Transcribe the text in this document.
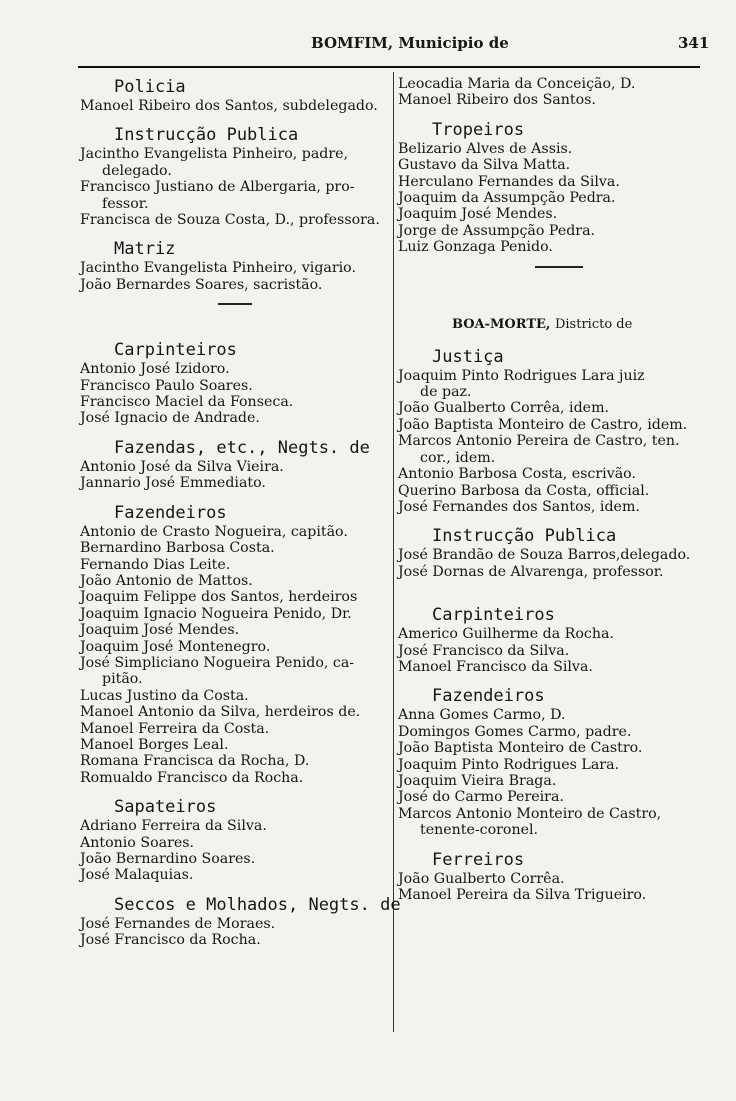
BOMFIM, Municipio de	341
Policia
Manoel Ribeiro dos Santos, subdelegado.
Instrucção Publica
Jacintho Evangelista Pinheiro, padre,
delegado.
Francisco Justiano de Albergaria, pro-
fessor.
Francisca de Souza Costa, D., professora.
Matriz
Jacintho Evangelista Pinheiro, vigario.
João Bernardes Soares, sacristão.
Carpinteiros
Antonio José Izidoro.
Francisco Paulo Soares.
Francisco Maciel da Fonseca.
José Ignacio de Andrade.
Fazendas, etc., Negts. de
Antonio José da Silva Vieira.
Jannario José Emmediato.
Fazendeiros
Antonio de Crasto Nogueira, capitão.
Bernardino Barbosa Costa.
Fernando Dias Leite.
João Antonio de Mattos.
Joaquim Felippe dos Santos, herdeiros
Joaquim Ignacio Nogueira Penido, Dr.
Joaquim José Mendes.
Joaquim José Montenegro.
José Simpliciano Nogueira Penido, ca-
pitão.
Lucas Justino da Costa.
Manoel Antonio da Silva, herdeiros de.
Manoel Ferreira da Costa.
Manoel Borges Leal.
Romana Francisca da Rocha, D.
Romualdo Francisco da Rocha.
Sapateiros
Adriano Ferreira da Silva.
Antonio Soares.
João Bernardino Soares.
José Malaquias.
Seccos e Molhados, Negts. de
José Fernandes de Moraes.
José Francisco da Rocha.
Leocadia Maria da Conceição, D.
Manoel Ribeiro dos Santos.
Tropeiros
Belizario Alves de Assis.
Gustavo da Silva Matta.
Herculano Fernandes da Silva.
Joaquim da Assumpção Pedra.
Joaquim José Mendes.
Jorge de Assumpção Pedra.
Luiz Gonzaga Penido.
BOA-MORTE, Districto de
Justiça
Joaquim Pinto Rodrigues Lara juiz
de paz.
João Gualberto Corrêa, idem.
João Baptista Monteiro de Castro, idem.
Marcos Antonio Pereira de Castro, ten.
cor., idem.
Antonio Barbosa Costa, escrivão.
Querino Barbosa da Costa, official.
José Fernandes dos Santos, idem.
Instrucção Publica
José Brandão de Souza Barros,delegado.
José Dornas de Alvarenga, professor.
Carpinteiros
Americo Guilherme da Rocha.
José Francisco da Silva.
Manoel Francisco da Silva.
Fazendeiros
Anna Gomes Carmo, D.
Domingos Gomes Carmo, padre.
João Baptista Monteiro de Castro.
Joaquim Pinto Rodrigues Lara.
Joaquim Vieira Braga.
José do Carmo Pereira.
Marcos Antonio Monteiro de Castro,
tenente-coronel.
Ferreiros
João Gualberto Corrêa.
Manoel Pereira da Silva Trigueiro.
